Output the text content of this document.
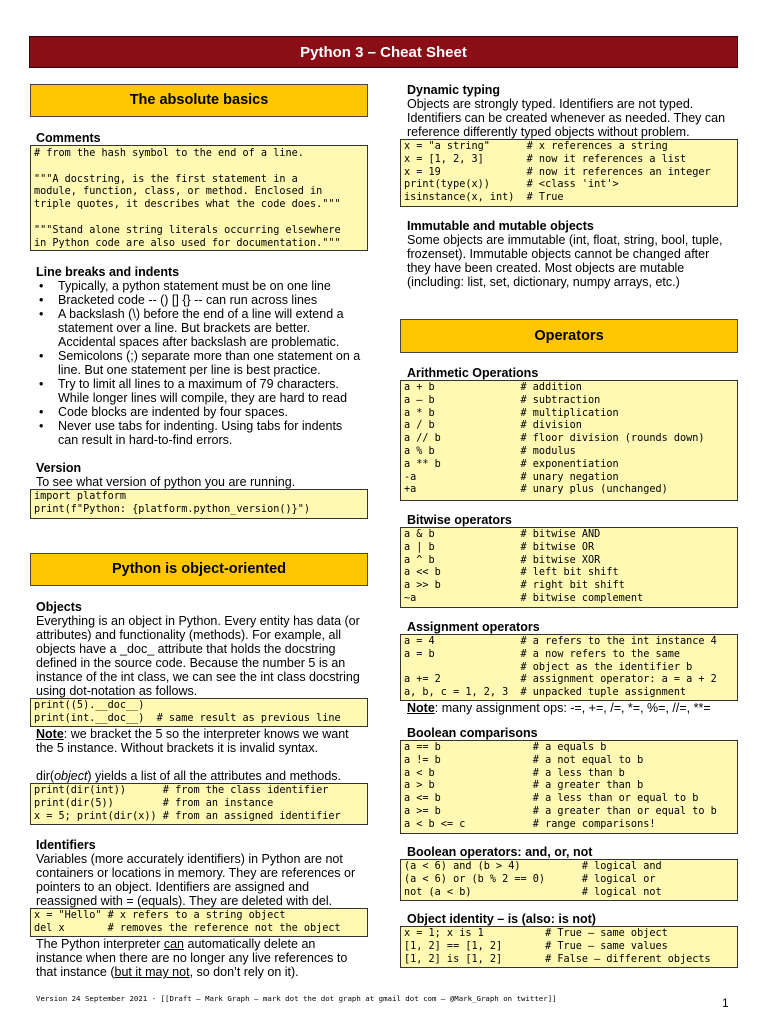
Python 3 – Cheat Sheet
The absolute basics
Comments
# from the hash symbol to the end of a line.

"""A docstring, is the first statement in a
module, function, class, or method. Enclosed in
triple quotes, it describes what the code does."""

"""Stand alone string literals occurring elsewhere
in Python code are also used for documentation."""
Line breaks and indents
• Typically, a python statement must be on one line
• Bracketed code -- () [] {} -- can run across lines
• A backslash (\) before the end of a line will extend a statement over a line. But brackets are better. Accidental spaces after backslash are problematic.
• Semicolons (;) separate more than one statement on a line. But one statement per line is best practice.
• Try to limit all lines to a maximum of 79 characters. While longer lines will compile, they are hard to read
• Code blocks are indented by four spaces.
• Never use tabs for indenting. Using tabs for indents can result in hard-to-find errors.
Version
To see what version of python you are running.
import platform
print(f"Python: {platform.python_version()}")
Python is object-oriented
Objects
Everything is an object in Python. Every entity has data (or attributes) and functionality (methods). For example, all objects have a _doc_ attribute that holds the docstring defined in the source code. Because the number 5 is an instance of the int class, we can see the int class docstring using dot-notation as follows.
print((5).__doc__)
print(int.__doc__)  # same result as previous line
Note: we bracket the 5 so the interpreter knows we want the 5 instance. Without brackets it is invalid syntax.
dir(object) yields a list of all the attributes and methods.
print(dir(int))      # from the class identifier
print(dir(5))        # from an instance
x = 5; print(dir(x)) # from an assigned identifier
Identifiers
Variables (more accurately identifiers) in Python are not containers or locations in memory. They are references or pointers to an object. Identifiers are assigned and reassigned with = (equals). They are deleted with del.
x = "Hello" # x refers to a string object
del x       # removes the reference not the object
The Python interpreter can automatically delete an instance when there are no longer any live references to that instance (but it may not, so don’t rely on it).
Dynamic typing
Objects are strongly typed. Identifiers are not typed. Identifiers can be created whenever as needed. They can reference differently typed objects without problem.
x = "a string"      # x references a string
x = [1, 2, 3]       # now it references a list
x = 19              # now it references an integer
print(type(x))      # <class 'int'>
isinstance(x, int)  # True
Immutable and mutable objects
Some objects are immutable (int, float, string, bool, tuple, frozenset). Immutable objects cannot be changed after they have been created. Most objects are mutable (including: list, set, dictionary, numpy arrays, etc.)
Operators
Arithmetic Operations
a + b              # addition
a – b              # subtraction
a * b              # multiplication
a / b              # division
a // b             # floor division (rounds down)
a % b              # modulus
a ** b             # exponentiation
-a                 # unary negation
+a                 # unary plus (unchanged)
Bitwise operators
a & b              # bitwise AND
a | b              # bitwise OR
a ^ b              # bitwise XOR
a << b             # left bit shift
a >> b             # right bit shift
~a                 # bitwise complement
Assignment operators
a = 4              # a refers to the int instance 4
a = b              # a now refers to the same
# object as the identifier b
a += 2             # assignment operator: a = a + 2
a, b, c = 1, 2, 3  # unpacked tuple assignment
Note: many assignment ops: -=, +=, /=, *=, %=, //=, **=
Boolean comparisons
a == b               # a equals b
a != b               # a not equal to b
a < b                # a less than b
a > b                # a greater than b
a <= b               # a less than or equal to b
a >= b               # a greater than or equal to b
a < b <= c           # range comparisons!
Boolean operators: and, or, not
(a < 6) and (b > 4)          # logical and
(a < 6) or (b % 2 == 0)      # logical or
not (a < b)                  # logical not
Object identity – is (also: is not)
x = 1; x is 1          # True – same object
[1, 2] == [1, 2]       # True – same values
[1, 2] is [1, 2]       # False – different objects
Version 24 September 2021 - [[Draft — Mark Graph — mark dot the dot graph at gmail dot com — @Mark_Graph on twitter]]	1
